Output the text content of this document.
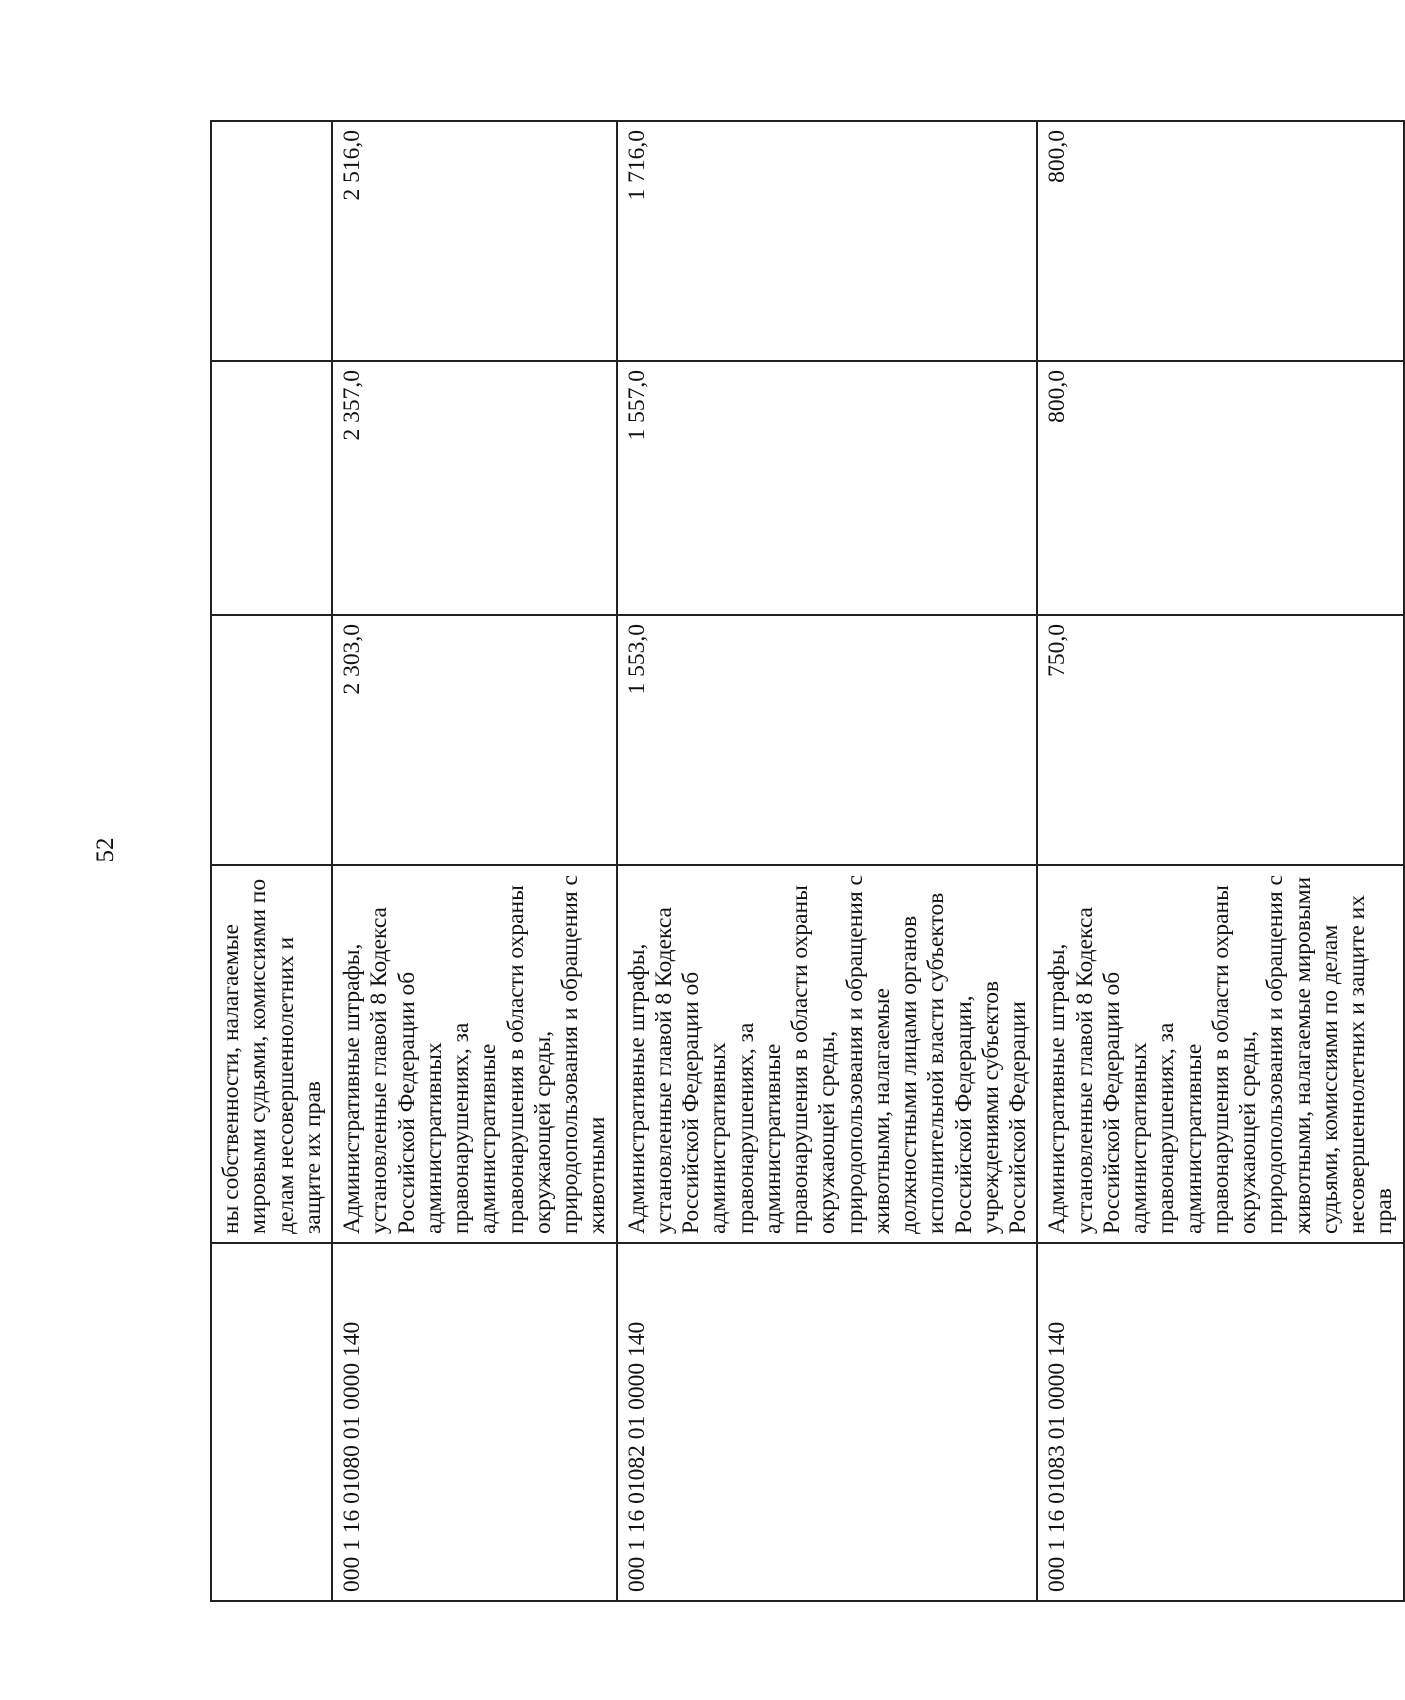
52
	ны собственности, налагаемые мировыми судьями, комиссиями по делам несовершеннолетних и защите их прав			
000 1 16 01080 01 0000 140	Административные штрафы, установленные главой 8 Кодекса Российской Федерации об административных правонарушениях, за административные правонарушения в области охраны окружающей среды, природопользования и обращения с животными	2 303,0	2 357,0	2 516,0
000 1 16 01082 01 0000 140	Административные штрафы, установленные главой 8 Кодекса Российской Федерации об административных правонарушениях, за административные правонарушения в области охраны окружающей среды, природопользования и обращения с животными, налагаемые должностными лицами органов исполнительной власти субъектов Российской Федерации, учреждениями субъектов Российской Федерации	1 553,0	1 557,0	1 716,0
000 1 16 01083 01 0000 140	Административные штрафы, установленные главой 8 Кодекса Российской Федерации об административных правонарушениях, за административные правонарушения в области охраны окружающей среды, природопользования и обращения с животными, налагаемые мировыми судьями, комиссиями по делам несовершеннолетних и защите их прав	750,0	800,0	800,0
